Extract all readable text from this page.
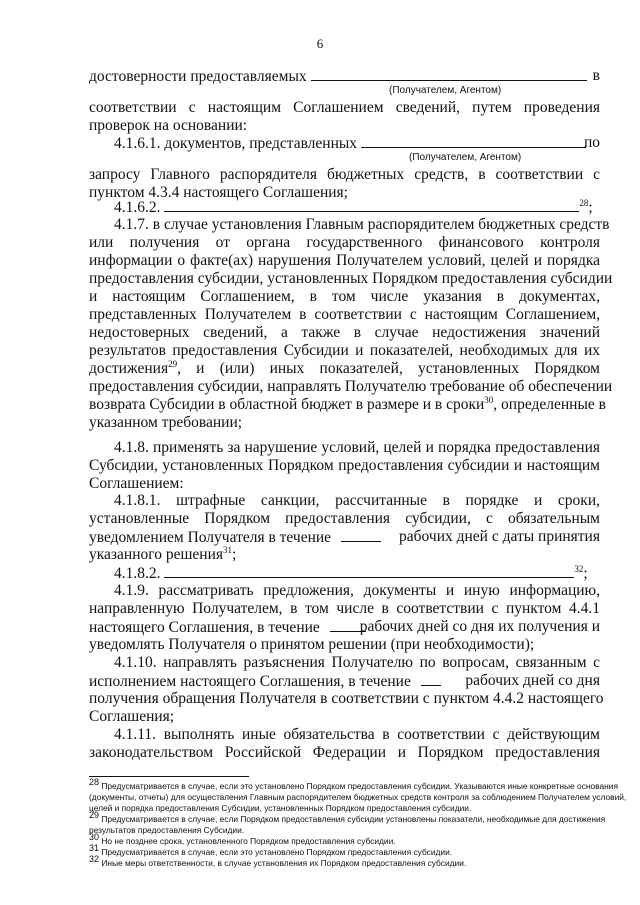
6
достоверности предоставляемых	в
(Получателем, Агентом)
соответствии с настоящим Соглашением сведений, путем проведения
проверок на основании:
4.1.6.1. документов, представленных	по
(Получателем, Агентом)
запросу Главного распорядителя бюджетных средств, в соответствии с
пунктом 4.3.4 настоящего Соглашения;
4.1.6.2.	$^{28}$;
4.1.7. в случае установления Главным распорядителем бюджетных средств
или получения от органа государственного финансового контроля
информации о факте(ах) нарушения Получателем условий, целей и порядка
предоставления субсидии, установленных Порядком предоставления субсидии
и настоящим Соглашением, в том числе указания в документах,
представленных Получателем в соответствии с настоящим Соглашением,
недостоверных сведений, а также в случае недостижения значений
результатов предоставления Субсидии и показателей, необходимых для их
достижения$^{29}$, и (или) иных показателей, установленных Порядком
предоставления субсидии, направлять Получателю требование об обеспечении
возврата Субсидии в областной бюджет в размере и в сроки$^{30}$, определенные в
указанном требовании;
4.1.8. применять за нарушение условий, целей и порядка предоставления
Субсидии, установленных Порядком предоставления субсидии и настоящим
Соглашением:
4.1.8.1. штрафные санкции, рассчитанные в порядке и сроки,
установленные Порядком предоставления субсидии, с обязательным
уведомлением Получателя в течение	рабочих дней с даты принятия
указанного решения$^{31}$;
4.1.8.2.	$^{32}$;
4.1.9. рассматривать предложения, документы и иную информацию,
направленную Получателем, в том числе в соответствии с пунктом 4.4.1
настоящего Соглашения, в течение	рабочих дней со дня их получения и
уведомлять Получателя о принятом решении (при необходимости);
4.1.10. направлять разъяснения Получателю по вопросам, связанным с
исполнением настоящего Соглашения, в течение	рабочих дней со дня
получения обращения Получателя в соответствии с пунктом 4.4.2 настоящего
Соглашения;
4.1.11. выполнять иные обязательства в соответствии с действующим
законодательством Российской Федерации и Порядком предоставления
$^{28}$ Предусматривается в случае, если это установлено Порядком предоставления субсидии. Указываются иные конкретные основания
(документы, отчеты) для осуществления Главным распорядителем бюджетных средств контроля за соблюдением Получателем условий,
целей и порядка предоставления Субсидии, установленных Порядком предоставления субсидии.
$^{29}$ Предусматривается в случае, если Порядком предоставления субсидии установлены показатели, необходимые для достижения
результатов предоставления Субсидии.
$^{30}$ Но не позднее срока, установленного Порядком предоставления субсидии.
$^{31}$ Предусматривается в случае, если это установлено Порядком предоставления субсидии.
$^{32}$ Иные меры ответственности, в случае установления их Порядком предоставления субсидии.
